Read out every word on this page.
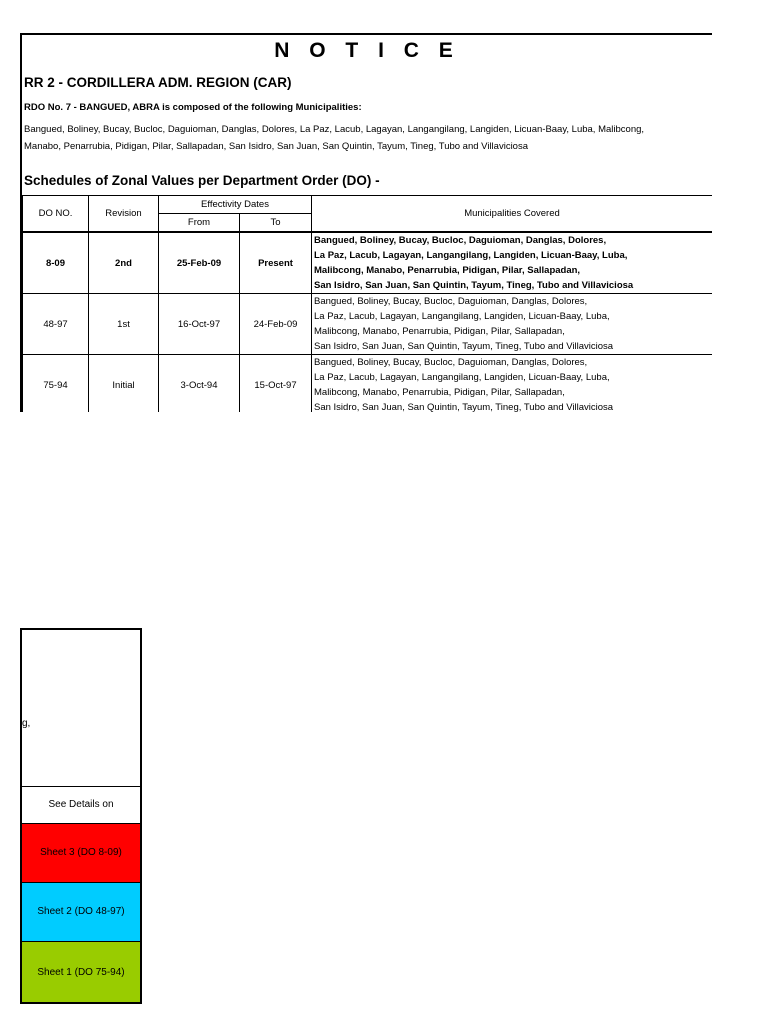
N O T I C E
RR 2 - CORDILLERA ADM. REGION (CAR)
RDO No. 7 - BANGUED, ABRA is composed of the following Municipalities:
Bangued, Boliney, Bucay, Bucloc, Daguioman, Danglas, Dolores, La Paz, Lacub, Lagayan, Langangilang, Langiden, Licuan-Baay, Luba, Malibcong,
Manabo, Penarrubia, Pidigan, Pilar, Sallapadan, San Isidro, San Juan, San Quintin, Tayum, Tineg, Tubo and Villaviciosa
Schedules of Zonal Values per Department Order (DO) -
DO NO.	Revision	Effectivity Dates		Municipalities Covered
		From	To	
8-09	2nd	25-Feb-09	Present	Bangued, Boliney, Bucay, Bucloc, Daguioman, Danglas, Dolores,
La Paz, Lacub, Lagayan, Langangilang, Langiden, Licuan-Baay, Luba,
Malibcong, Manabo, Penarrubia, Pidigan, Pilar, Sallapadan,
San Isidro, San Juan, San Quintin, Tayum, Tineg, Tubo and Villaviciosa

48-97	1st	16-Oct-97	24-Feb-09	Bangued, Boliney, Bucay, Bucloc, Daguioman, Danglas, Dolores,
La Paz, Lacub, Lagayan, Langangilang, Langiden, Licuan-Baay, Luba,
Malibcong, Manabo, Penarrubia, Pidigan, Pilar, Sallapadan,
San Isidro, San Juan, San Quintin, Tayum, Tineg, Tubo and Villaviciosa

75-94	Initial	3-Oct-94	15-Oct-97	Bangued, Boliney, Bucay, Bucloc, Daguioman, Danglas, Dolores,
La Paz, Lacub, Lagayan, Langangilang, Langiden, Licuan-Baay, Luba,
Malibcong, Manabo, Penarrubia, Pidigan, Pilar, Sallapadan,
San Isidro, San Juan, San Quintin, Tayum, Tineg, Tubo and Villaviciosa
g,
See Details on
Sheet 3 (DO 8-09)
Sheet 2 (DO 48-97)
Sheet 1 (DO 75-94)
